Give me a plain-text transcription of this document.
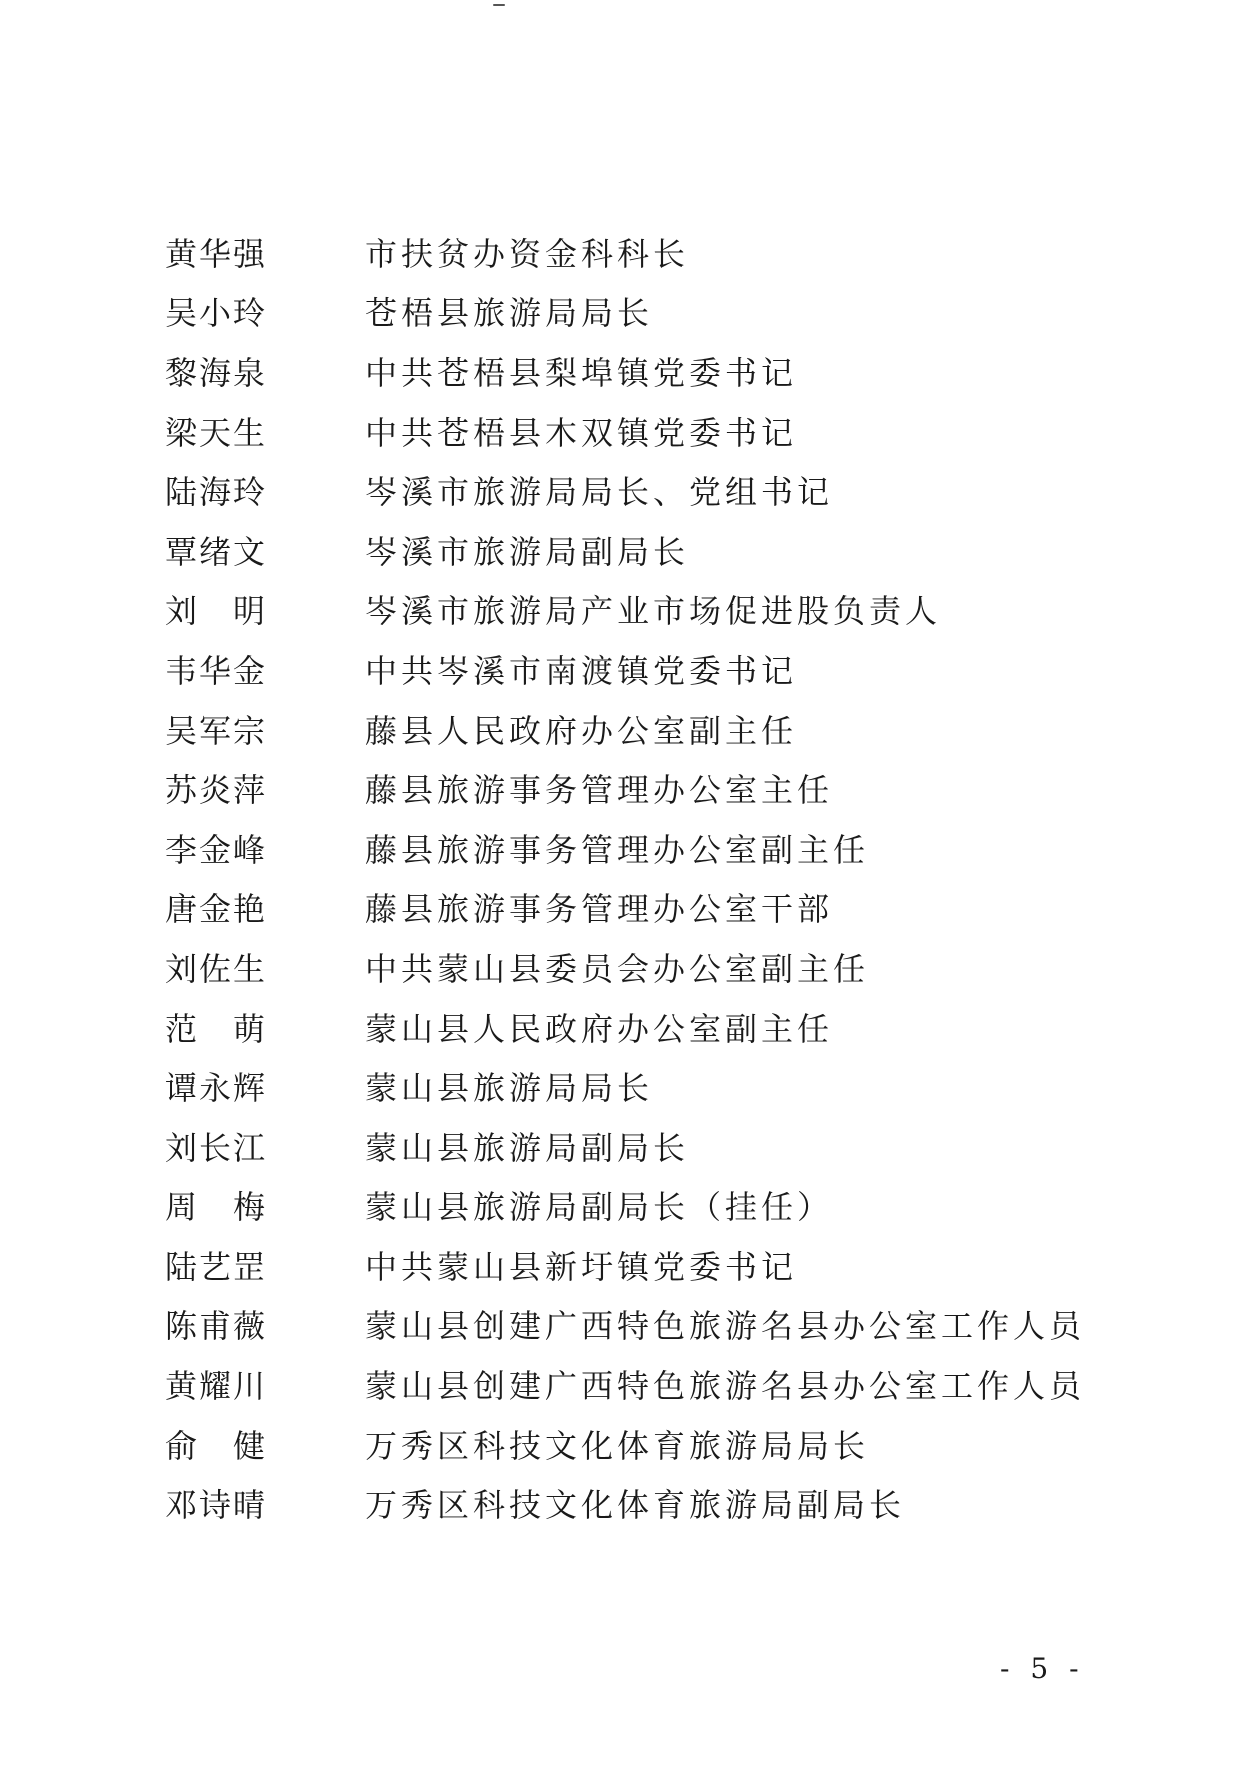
黄华强	市扶贫办资金科科长
吴小玲	苍梧县旅游局局长
黎海泉	中共苍梧县梨埠镇党委书记
梁天生	中共苍梧县木双镇党委书记
陆海玲	岑溪市旅游局局长、党组书记
覃绪文	岑溪市旅游局副局长
刘　明	岑溪市旅游局产业市场促进股负责人
韦华金	中共岑溪市南渡镇党委书记
吴军宗	藤县人民政府办公室副主任
苏炎萍	藤县旅游事务管理办公室主任
李金峰	藤县旅游事务管理办公室副主任
唐金艳	藤县旅游事务管理办公室干部
刘佐生	中共蒙山县委员会办公室副主任
范　萌	蒙山县人民政府办公室副主任
谭永辉	蒙山县旅游局局长
刘长江	蒙山县旅游局副局长
周　梅	蒙山县旅游局副局长（挂任）
陆艺罡	中共蒙山县新圩镇党委书记
陈甫薇	蒙山县创建广西特色旅游名县办公室工作人员
黄耀川	蒙山县创建广西特色旅游名县办公室工作人员
俞　健	万秀区科技文化体育旅游局局长
邓诗晴	万秀区科技文化体育旅游局副局长
- 5 -
